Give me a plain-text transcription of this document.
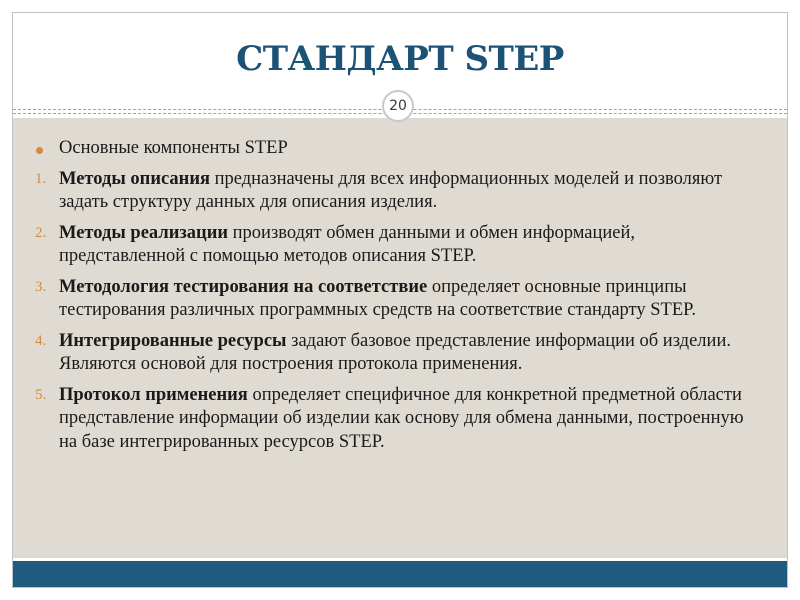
СТАНДАРТ STEP
20
Основные компоненты STEP
1. Методы описания предназначены для всех информационных моделей и позволяют задать структуру данных для описания изделия.
2. Методы реализации производят обмен данными и обмен информацией, представленной с помощью методов описания STEP.
3. Методология тестирования на соответствие определяет основные принципы тестирования различных программных средств на соответствие стандарту STEP.
4. Интегрированные ресурсы задают базовое представление информации об изделии. Являются основой для построения протокола применения.
5. Протокол применения определяет специфичное для конкретной предметной области представление информации об изделии как основу для обмена данными, построенную на базе интегрированных ресурсов STEP.
